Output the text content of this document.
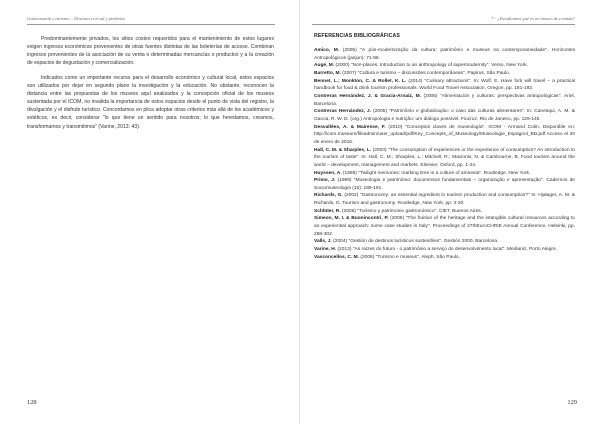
Gastronomía y turismo – Destinos con sal y pimienta

Predominantemente privados, los sitios costeo requeridos para el mantenimiento de estos lugares exigen ingresos económicos provenientes de otras fuentes distintas de las boleterías de acceso. Combinan ingresos provenientes de la asociación de su venta o determinadas mercancías o productos y a la creación de espacios de degustación y comercialización.

Indicados como un importante recurso para el desarrollo económico y cultural local, estos espacios son utilizados por dejar en segundo plano la investigación y la educación. No obstante, reconocen la distancia entre las propuestas de los museos aquí analizados y la concepción oficial de los museos sustentada por el ICOM, no invalida la importancia de estos espacios desde el punto de vista del registro, la divulgación y el disfrute turístico. Concordamos en plica adoptar otras criterios más allá de los académicos y estéticos, es decir, considerar "lo que tiene un sentido para nosotros; lo que heredamos, creamos, transformamos y transmitimos" (Varine, 2013: 43).

128
7 - ¿Estudiamos qué es un museo de comida?

REFERENCIAS BIBLIOGRÁFICAS

Amico, M. (2005) "A pós-modernização da cultura: patrimônio e museus na contemporaneidade". Horizontes Antropológicos (janjun): 71-86.

Augé, M. (2000) "Non-places. Introduction to an anthropology of supermodernity". Verso, New York.

Barretto, M. (2007) "Cultura e turismo – discussões contemporâneas". Papirus, São Paulo.

Bennet, L.; Monkton, C. & Rollet, K. L. (2014) "Culinary attractions". In: Wolf, E. Have fork will travel – a practical handbook for food & drink tourism professionals. World Food Travel Association, Oregon, pp. 181-192.

Contreras Hernández, J. & Gracia-Arnaiz, M. (2005) "Alimentación y culturas: perspectivas antropológicas". Ariel, Barcelona.

Contreras Hernández, J. (2005) "Patrimônio e globalização: o caso das culturas alimentares". In: Canesqui, A. M. & Garcia, R. W. D. (org.) Antropologia e nutrição: um diálogo possível. Fiocruz, Rio de Janeiro, pp. 129-145.

Desvallées, A. & Mairesse, F. (2010) "Conceptos claves de museología". ICOM - Armand Colin. Disponible en: http://icom.museum/fileadmin/user_upload/pdf/Key_Concepts_of_Museology/Museologie_Espagnol_BD.pdf Acceso el 20 de enero de 2016.

Hall, C. M. & Sharples, L. (2003) "The consumption of experiences or the experience of consumption? An introduction to the tourism of taste". In: Hall, C. M.; Sharples, L.; Mitchell, R.; Macionis, N. & Cambourne, B. Food tourism around the world – development, management and markets. Elsevier, Oxford, pp. 1-24.

Huyssen, A. (1995) "Twilight memories: marking time in a culture of amnesia". Routledge, New York.

Primo, J. (1999) "Museologia e patrimônio: documentos fundamentais – organização e apresentação". Cadernos de Sociomuseologia (15): 189-191.

Richards, G. (2002) "Gastronomy: an essential ingredient in tourism production and consumption?" In: Hjalager, A. M. & Richards, G. Tourism and gastronomy. Routledge, New York, pp. 3-20.

Schlüter, R. (2006) "Turismo y patrimonio gastronómico". CIET, Buenos Aires.

Simeon, M. I. & Buonincontri, P. (2009) "The fruition of the heritage and the intangible cultural resources according to an experiential approach: some case studies in Italy". Proceedings of 27thEuroCHRIE Annual Conference, Helsinki, pp. 288-302.

Valls, J. (2004) "Gestión de destinos turísticos sostenibles". Gestión 2000, Barcelona.

Varine, H. (2013) "As raízes do futuro - o patrimônio a serviço do desenvolvimento local". Medianiz, Porto Alegre.

Vasconcellos, C. M. (2006) "Turismo e museus". Aleph, São Paulo.

129
